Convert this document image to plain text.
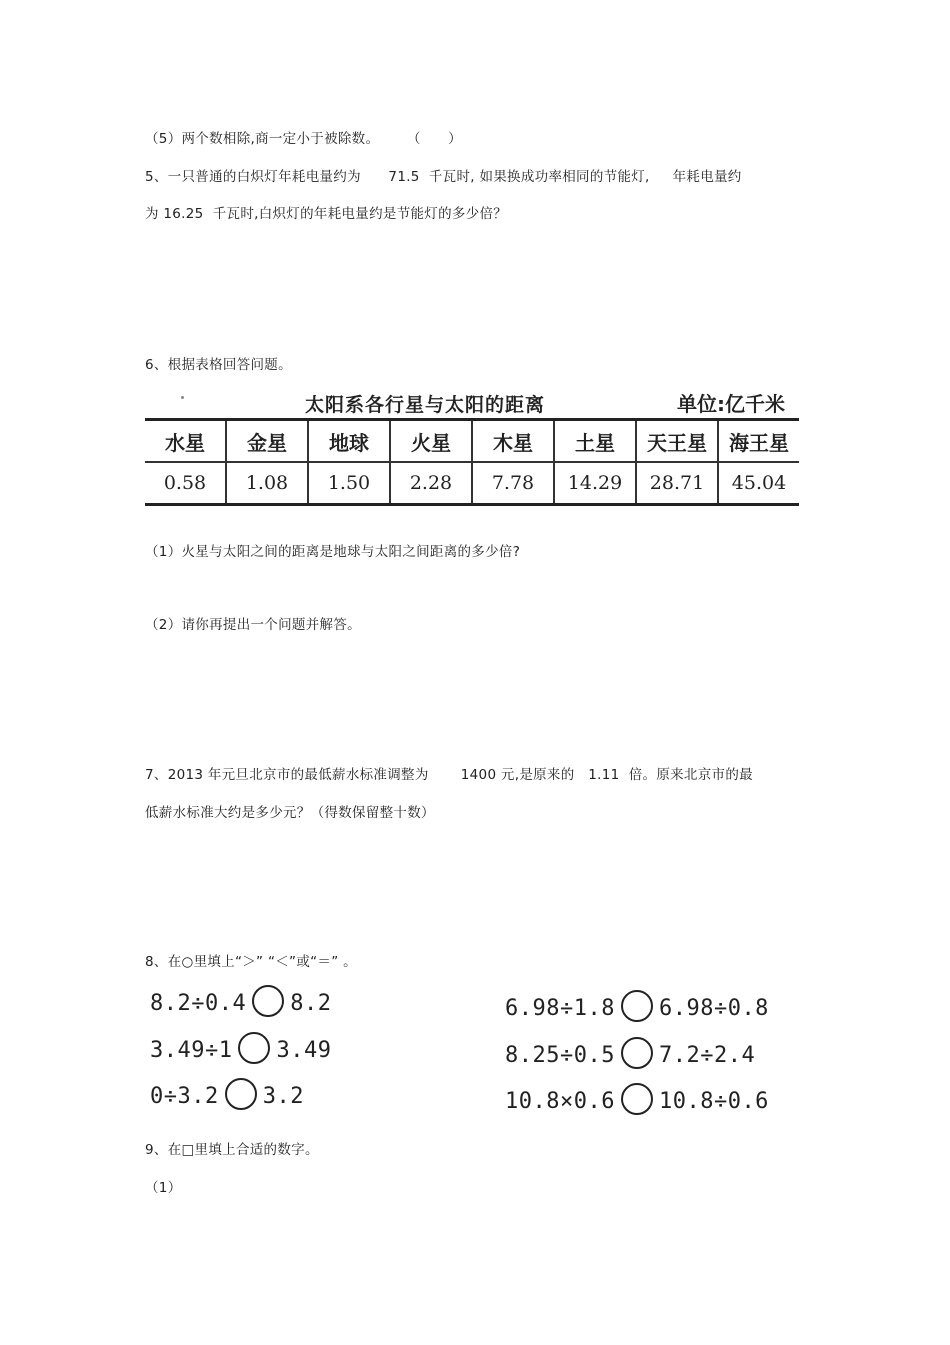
（5）两个数相除,商一定小于被除数。      （      ）
5、一只普通的白炽灯年耗电量约为      71.5  千瓦时, 如果换成功率相同的节能灯,     年耗电量约
为 16.25  千瓦时,白炽灯的年耗电量约是节能灯的多少倍？
6、根据表格回答问题。
太阳系各行星与太阳的距离	单位:亿千米
水星	金星	地球	火星	木星	土星	天王星	海王星
0.58	1.08	1.50	2.28	7.78	14.29	28.71	45.04
（1）火星与太阳之间的距离是地球与太阳之间距离的多少倍?
（2）请你再提出一个问题并解答。
7、2013 年元旦北京市的最低薪水标准调整为       1400 元,是原来的   1.11  倍。原来北京市的最
低薪水标准大约是多少元？（得数保留整十数）
8、在○里填上“＞” “＜”或“＝” 。
8.2÷0.4 8.2
3.49÷1 3.49
0÷3.2 3.2
6.98÷1.8 6.98÷0.8
8.25÷0.5 7.2÷2.4
10.8×0.6 10.8÷0.6
9、在□里填上合适的数字。
（1）
